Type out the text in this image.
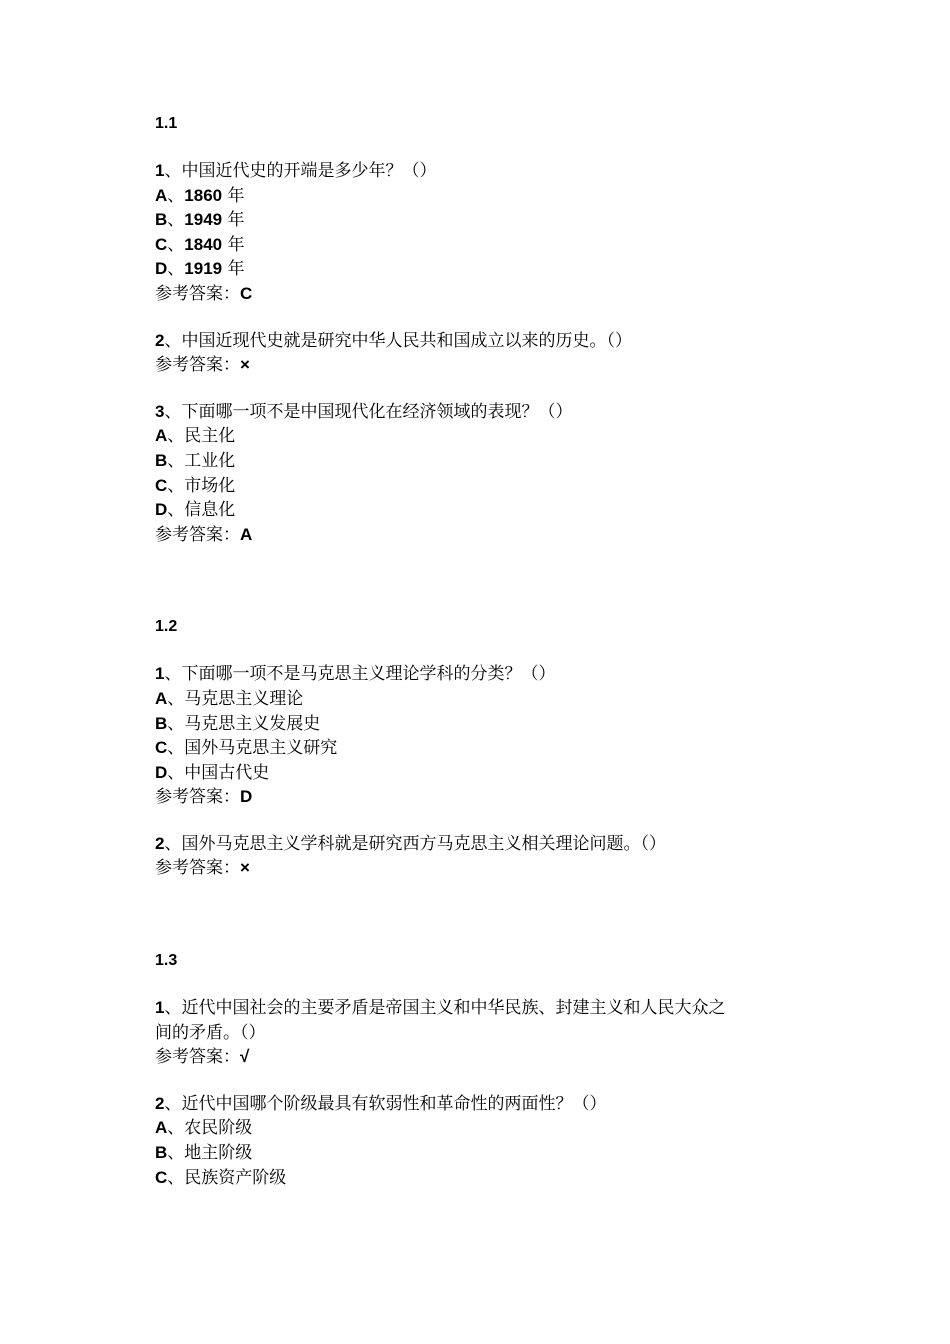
1.1
1、中国近代史的开端是多少年？（）
A、1860 年
B、1949 年
C、1840 年
D、1919 年
参考答案：C
2、中国近现代史就是研究中华人民共和国成立以来的历史。（）
参考答案：×
3、下面哪一项不是中国现代化在经济领域的表现？（）
A、民主化
B、工业化
C、市场化
D、信息化
参考答案：A
1.2
1、下面哪一项不是马克思主义理论学科的分类？（）
A、马克思主义理论
B、马克思主义发展史
C、国外马克思主义研究
D、中国古代史
参考答案：D
2、国外马克思主义学科就是研究西方马克思主义相关理论问题。（）
参考答案：×
1.3
1、近代中国社会的主要矛盾是帝国主义和中华民族、封建主义和人民大众之
间的矛盾。（）
参考答案：√
2、近代中国哪个阶级最具有软弱性和革命性的两面性？（）
A、农民阶级
B、地主阶级
C、民族资产阶级
